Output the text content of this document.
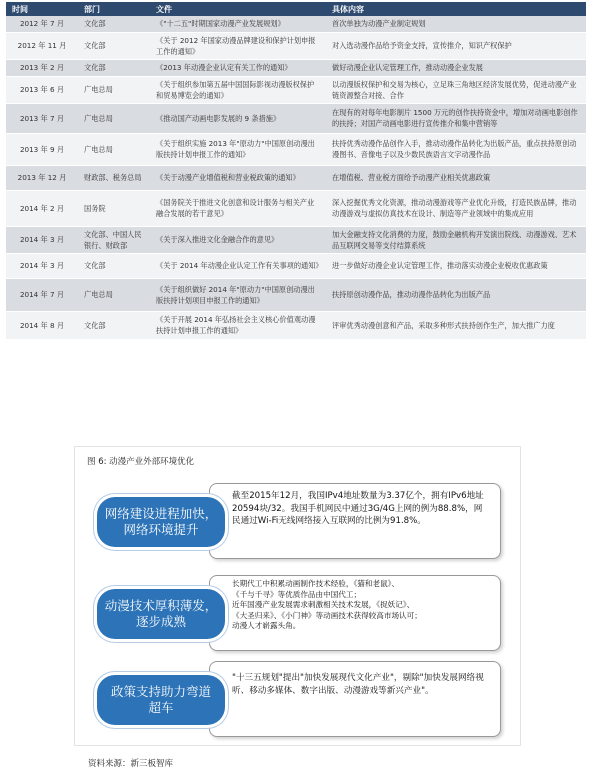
时间	部门	文件	具体内容
2012 年 7 月	文化部	《"十二五"时期国家动漫产业发展规划》	首次单独为动漫产业制定规划
2012 年 11 月	文化部	《关于 2012 年国家动漫品牌建设和保护计划申报工作的通知》	对入选动漫作品给予资金支持，宣传推介，知识产权保护
2013 年 2 月	文化部	《2013 年动漫企业认定有关工作的通知》	做好动漫企业认定管理工作，推动动漫企业发展
2013 年 6 月	广电总局	《关于组织参加第五届中国国际影视动漫版权保护和贸易博览会的通知》	以动漫版权保护和交易为核心，立足珠三角地区经济发展优势，促进动漫产业链资源整合对接、合作
2013 年 7 月	广电总局	《推动国产动画电影发展的 9 条措施》	在现有的对每年电影制片 1500 万元的创作扶持资金中，增加对动画电影创作的扶持；对国产动画电影进行宣传推介和集中营销等
2013 年 9 月	广电总局	《关于组织实施 2013 年"原动力"中国原创动漫出版扶持计划申报工作的通知》	扶持优秀动漫作品创作入手，推动动漫作品转化为出版产品，重点扶持原创动漫图书、音像电子以及少数民族语言文字动漫作品
2013 年 12 月	财政部、税务总局	《关于动漫产业增值税和营业税政策的通知》	在增值税、营业税方面给予动漫产业相关优惠政策
2014 年 2 月	国务院	《国务院关于推进文化创意和设计服务与相关产业融合发展的若干意见》	深入挖掘优秀文化资源，推动动漫游戏等产业优化升级，打造民族品牌，推动动漫游戏与虚拟仿真技术在设计、制造等产业领域中的集成应用
2014 年 3 月	文化部、中国人民银行、财政部	《关于深入推进文化金融合作的意见》	加大金融支持文化消费的力度，鼓励金融机构开发演出院线、动漫游戏、艺术品互联网交易等支付结算系统
2014 年 3 月	文化部	《关于 2014 年动漫企业认定工作有关事项的通知》	进一步做好动漫企业认定管理工作，推动落实动漫企业税收优惠政策
2014 年 7 月	广电总局	《关于组织做好 2014 年"原动力"中国原创动漫出版扶持计划项目申报工作的通知》	扶持原创动漫作品，推动动漫作品转化为出版产品
2014 年 8 月	文化部	《关于开展 2014 年弘扬社会主义核心价值观动漫扶持计划申报工作的通知》	评审优秀动漫创意和产品，采取多种形式扶持创作生产，加大推广力度
图 6: 动漫产业外部环境优化
截至2015年12月，我国IPv4地址数量为3.37亿个，拥有IPv6地址20594块/32。我国手机网民中通过3G/4G上网的例为88.8%，网民通过Wi-Fi无线网络接入互联网的比例为91.8%。
网络建设进程加快，
网络环境提升
长期代工中积累动画制作技术经验，《猫和老鼠》、
《千与千寻》等优质作品由中国代工；
近年国漫产业发展需求刺激相关技术发展，《捉妖记》、
《大圣归来》、《小门神》等动画技术获得较高市场认可；
动漫人才崭露头角。
动漫技术厚积薄发，
逐步成熟
"十三五规划"提出"加快发展现代文化产业"，剔除"加快发展网络视听、移动多媒体、数字出版、动漫游戏等新兴产业"。
政策支持助力弯道
超车
资料来源：新三板智库
